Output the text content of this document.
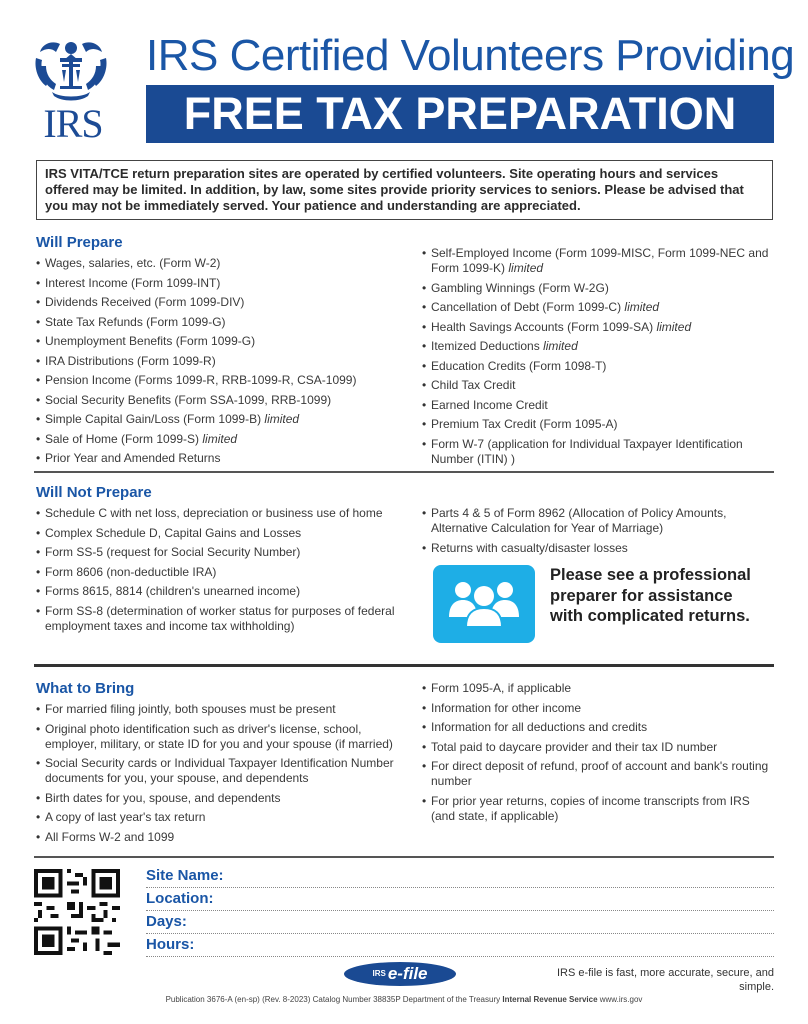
IRS
IRS Certified Volunteers Providing
FREE TAX PREPARATION
IRS VITA/TCE return preparation sites are operated by certified volunteers. Site operating hours and services offered may be limited. In addition, by law, some sites provide priority services to seniors. Please be advised that you may not be immediately served. Your patience and understanding are appreciated.
Will Prepare
• Wages, salaries, etc. (Form W-2)
• Interest Income (Form 1099-INT)
• Dividends Received (Form 1099-DIV)
• State Tax Refunds (Form 1099-G)
• Unemployment Benefits (Form 1099-G)
• IRA Distributions (Form 1099-R)
• Pension Income (Forms 1099-R, RRB-1099-R, CSA-1099)
• Social Security Benefits (Form SSA-1099, RRB-1099)
• Simple Capital Gain/Loss (Form 1099-B) limited
• Sale of Home (Form 1099-S) limited
• Prior Year and Amended Returns
• Self-Employed Income (Form 1099-MISC, Form 1099-NEC and Form 1099-K) limited
• Gambling Winnings (Form W-2G)
• Cancellation of Debt (Form 1099-C) limited
• Health Savings Accounts (Form 1099-SA) limited
• Itemized Deductions limited
• Education Credits (Form 1098-T)
• Child Tax Credit
• Earned Income Credit
• Premium Tax Credit (Form 1095-A)
• Form W-7 (application for Individual Taxpayer Identification Number (ITIN) )
Will Not Prepare
• Schedule C with net loss, depreciation or business use of home
• Complex Schedule D, Capital Gains and Losses
• Form SS-5 (request for Social Security Number)
• Form 8606 (non-deductible IRA)
• Forms 8615, 8814 (children's unearned income)
• Form SS-8 (determination of worker status for purposes of federal employment taxes and income tax withholding)
• Parts 4 & 5 of Form 8962 (Allocation of Policy Amounts, Alternative Calculation for Year of Marriage)
• Returns with casualty/disaster losses
Please see a professional preparer for assistance with complicated returns.
What to Bring
• For married filing jointly, both spouses must be present
• Original photo identification such as driver's license, school, employer, military, or state ID for you and your spouse (if married)
• Social Security cards or Individual Taxpayer Identification Number documents for you, your spouse, and dependents
• Birth dates for you, spouse, and dependents
• A copy of last year's tax return
• All Forms W-2 and 1099
• Form 1095-A, if applicable
• Information for other income
• Information for all deductions and credits
• Total paid to daycare provider and their tax ID number
• For direct deposit of refund, proof of account and bank's routing number
• For prior year returns, copies of income transcripts from IRS (and state, if applicable)
Site Name:
Location:
Days:
Hours:
IRS e-file	IRS e-file is fast, more accurate, secure, and simple.
Publication 3676-A (en-sp) (Rev. 8-2023) Catalog Number 38835P Department of the Treasury Internal Revenue Service www.irs.gov
